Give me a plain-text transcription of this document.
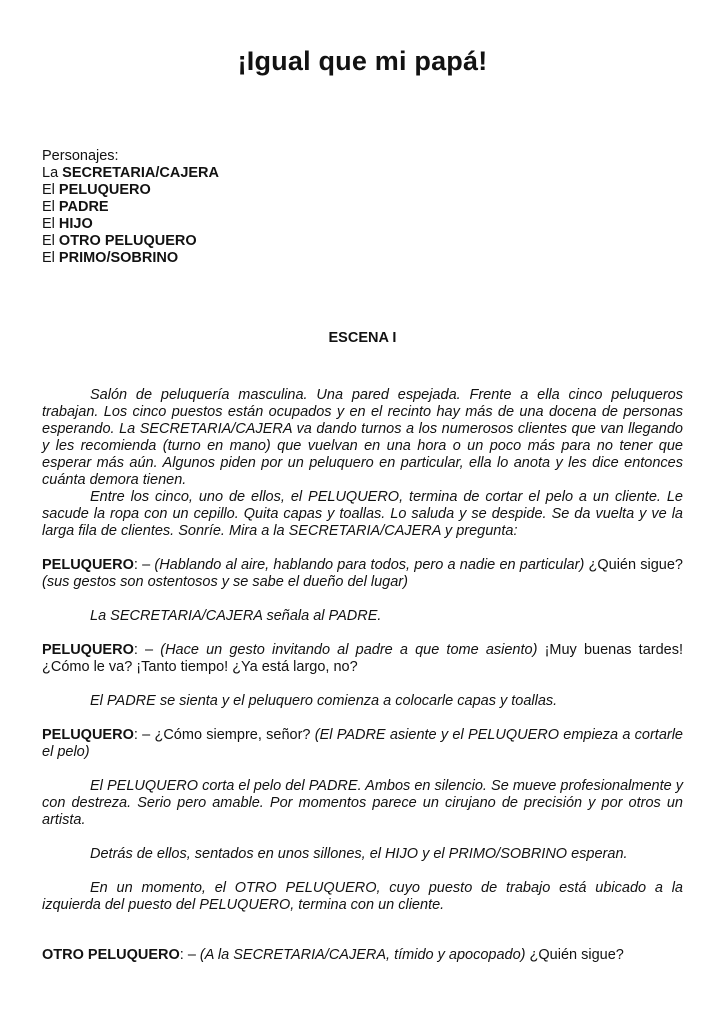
¡Igual que mi papá!
Personajes:
La SECRETARIA/CAJERA
El PELUQUERO
El PADRE
El HIJO
El OTRO PELUQUERO
El PRIMO/SOBRINO
ESCENA I

Salón de peluquería masculina. Una pared espejada. Frente a ella cinco peluqueros trabajan. Los cinco puestos están ocupados y en el recinto hay más de una docena de personas esperando. La SECRETARIA/CAJERA va dando turnos a los numerosos clientes que van llegando y les recomienda (turno en mano) que vuelvan en una hora o un poco más para no tener que esperar más aún. Algunos piden por un peluquero en particular, ella lo anota y les dice entonces cuánta demora tienen.

Entre los cinco, uno de ellos, el PELUQUERO, termina de cortar el pelo a un cliente. Le sacude la ropa con un cepillo. Quita capas y toallas. Lo saluda y se despide. Se da vuelta y ve la larga fila de clientes. Sonríe. Mira a la SECRETARIA/CAJERA y pregunta:

PELUQUERO: – (Hablando al aire, hablando para todos, pero a nadie en particular) ¿Quién sigue? (sus gestos son ostentosos y se sabe el dueño del lugar)

La SECRETARIA/CAJERA señala al PADRE.

PELUQUERO: – (Hace un gesto invitando al padre a que tome asiento) ¡Muy buenas tardes! ¿Cómo le va? ¡Tanto tiempo! ¿Ya está largo, no?

El PADRE se sienta y el peluquero comienza a colocarle capas y toallas.

PELUQUERO: – ¿Cómo siempre, señor? (El PADRE asiente y el PELUQUERO empieza a cortarle el pelo)

El PELUQUERO corta el pelo del PADRE. Ambos en silencio. Se mueve profesionalmente y con destreza. Serio pero amable. Por momentos parece un cirujano de precisión y por otros un artista.

Detrás de ellos, sentados en unos sillones, el HIJO y el PRIMO/SOBRINO esperan.

En un momento, el OTRO PELUQUERO, cuyo puesto de trabajo está ubicado a la izquierda del puesto del PELUQUERO, termina con un cliente.

OTRO PELUQUERO: – (A la SECRETARIA/CAJERA, tímido y apocopado) ¿Quién sigue?
